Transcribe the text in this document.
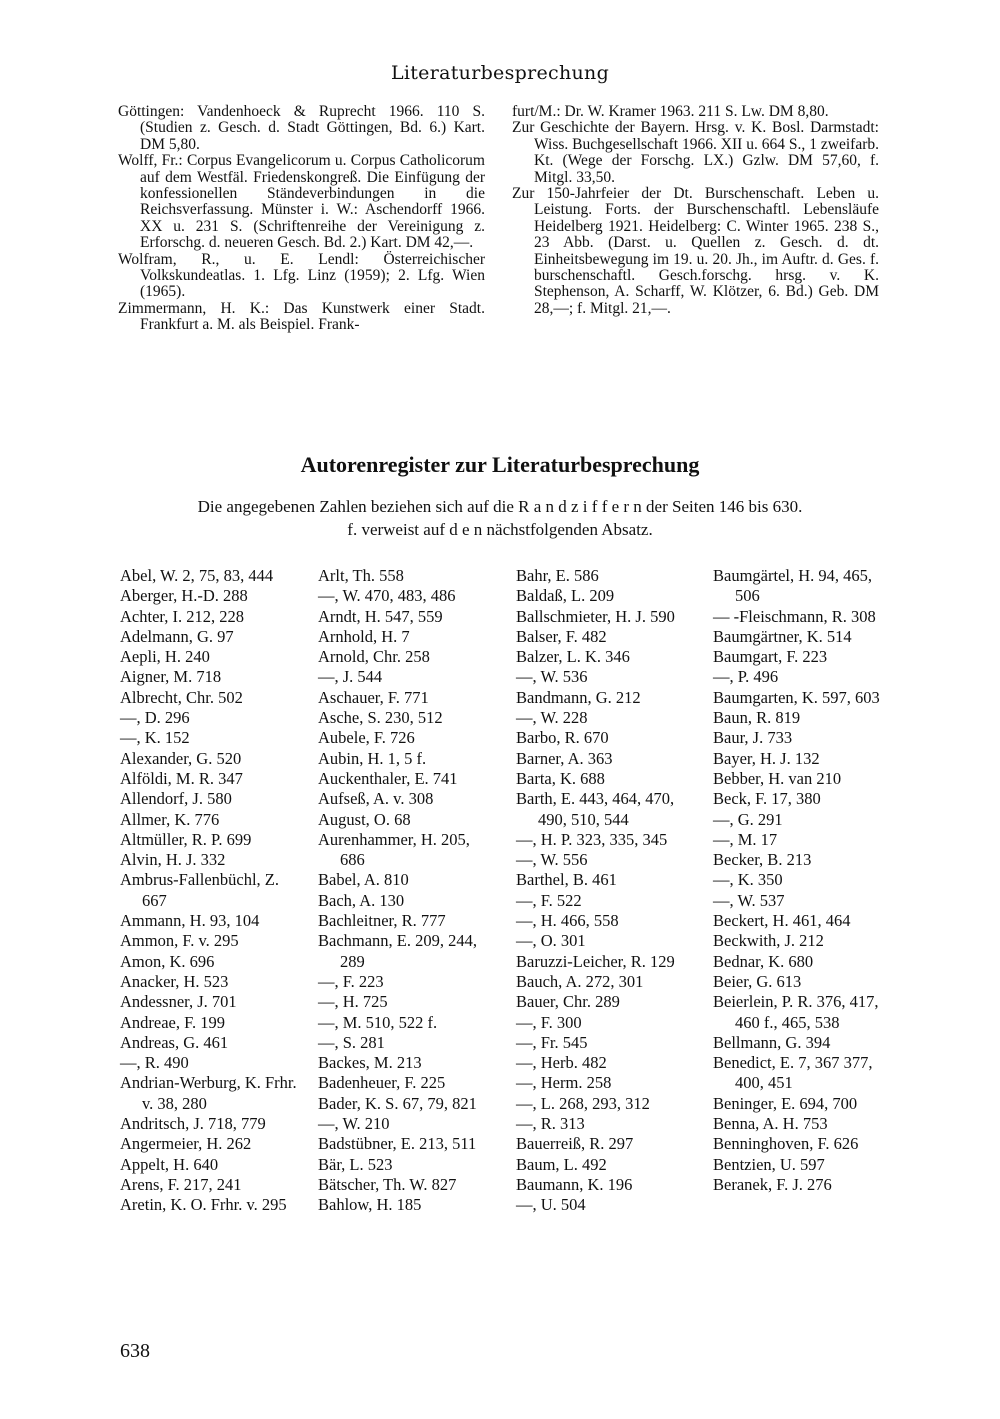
Literaturbesprechung

Göttingen: Vandenhoeck & Ruprecht 1966. 110 S. (Studien z. Gesch. d. Stadt Göttingen, Bd. 6.) Kart. DM 5,80.

Wolff, Fr.: Corpus Evangelicorum u. Corpus Catholicorum auf dem Westfäl. Friedenskongreß. Die Einfügung der konfessionellen Ständeverbindungen in die Reichsverfassung. Münster i. W.: Aschendorff 1966. XX u. 231 S. (Schriftenreihe der Vereinigung z. Erforschg. d. neueren Gesch. Bd. 2.) Kart. DM 42,—.

Wolfram, R., u. E. Lendl: Österreichischer Volkskundeatlas. 1. Lfg. Linz (1959); 2. Lfg. Wien (1965).

Zimmermann, H. K.: Das Kunstwerk einer Stadt. Frankfurt a. M. als Beispiel. Frank-

furt/M.: Dr. W. Kramer 1963. 211 S. Lw. DM 8,80.

Zur Geschichte der Bayern. Hrsg. v. K. Bosl. Darmstadt: Wiss. Buchgesellschaft 1966. XII u. 664 S., 1 zweifarb. Kt. (Wege der Forschg. LX.) Gzlw. DM 57,60, f. Mitgl. 33,50.

Zur 150-Jahrfeier der Dt. Burschenschaft. Leben u. Leistung. Forts. der Burschenschaftl. Lebensläufe Heidelberg 1921. Heidelberg: C. Winter 1965. 238 S., 23 Abb. (Darst. u. Quellen z. Gesch. d. dt. Einheitsbewegung im 19. u. 20. Jh., im Auftr. d. Ges. f. burschenschaftl. Gesch.forschg. hrsg. v. K. Stephenson, A. Scharff, W. Klötzer, 6. Bd.) Geb. DM 28,—; f. Mitgl. 21,—.

Autorenregister zur Literaturbesprechung
Die angegebenen Zahlen beziehen sich auf die R a n d z i f f e r n der Seiten 146 bis 630.
f. verweist auf d e n nächstfolgenden Absatz.

Abel, W. 2, 75, 83, 444

Aberger, H.-D. 288

Achter, I. 212, 228

Adelmann, G. 97

Aepli, H. 240

Aigner, M. 718

Albrecht, Chr. 502

—, D. 296

—, K. 152

Alexander, G. 520

Alföldi, M. R. 347

Allendorf, J. 580

Allmer, K. 776

Altmüller, R. P. 699

Alvin, H. J. 332

Ambrus-Fallenbüchl, Z. 667

Ammann, H. 93, 104

Ammon, F. v. 295

Amon, K. 696

Anacker, H. 523

Andessner, J. 701

Andreae, F. 199

Andreas, G. 461

—, R. 490

Andrian-Werburg, K. Frhr. v. 38, 280

Andritsch, J. 718, 779

Angermeier, H. 262

Appelt, H. 640

Arens, F. 217, 241

Aretin, K. O. Frhr. v. 295

Arlt, Th. 558

—, W. 470, 483, 486

Arndt, H. 547, 559

Arnhold, H. 7

Arnold, Chr. 258

—, J. 544

Aschauer, F. 771

Asche, S. 230, 512

Aubele, F. 726

Aubin, H. 1, 5 f.

Auckenthaler, E. 741

Aufseß, A. v. 308

August, O. 68

Aurenhammer, H. 205, 686

Babel, A. 810

Bach, A. 130

Bachleitner, R. 777

Bachmann, E. 209, 244, 289

—, F. 223

—, H. 725

—, M. 510, 522 f.

—, S. 281

Backes, M. 213

Badenheuer, F. 225

Bader, K. S. 67, 79, 821

—, W. 210

Badstübner, E. 213, 511

Bär, L. 523

Bätscher, Th. W. 827

Bahlow, H. 185

Bahr, E. 586

Baldaß, L. 209

Ballschmieter, H. J. 590

Balser, F. 482

Balzer, L. K. 346

—, W. 536

Bandmann, G. 212

—, W. 228

Barbo, R. 670

Barner, A. 363

Barta, K. 688

Barth, E. 443, 464, 470, 490, 510, 544

—, H. P. 323, 335, 345

—, W. 556

Barthel, B. 461

—, F. 522

—, H. 466, 558

—, O. 301

Baruzzi-Leicher, R. 129

Bauch, A. 272, 301

Bauer, Chr. 289

—, F. 300

—, Fr. 545

—, Herb. 482

—, Herm. 258

—, L. 268, 293, 312

—, R. 313

Bauerreiß, R. 297

Baum, L. 492

Baumann, K. 196

—, U. 504

Baumgärtel, H. 94, 465, 506

— -Fleischmann, R. 308

Baumgärtner, K. 514

Baumgart, F. 223

—, P. 496

Baumgarten, K. 597, 603

Baun, R. 819

Baur, J. 733

Bayer, H. J. 132

Bebber, H. van 210

Beck, F. 17, 380

—, G. 291

—, M. 17

Becker, B. 213

—, K. 350

—, W. 537

Beckert, H. 461, 464

Beckwith, J. 212

Bednar, K. 680

Beier, G. 613

Beierlein, P. R. 376, 417, 460 f., 465, 538

Bellmann, G. 394

Benedict, E. 7, 367 377, 400, 451

Beninger, E. 694, 700

Benna, A. H. 753

Benninghoven, F. 626

Bentzien, U. 597

Beranek, F. J. 276

638
